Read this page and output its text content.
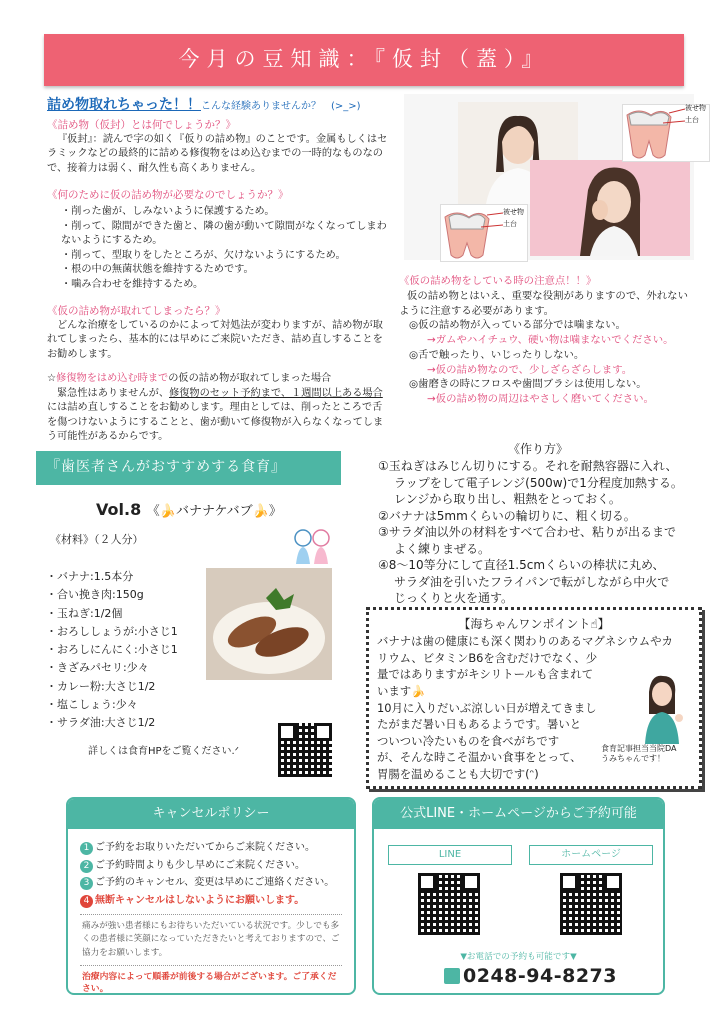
今月の豆知識：『仮封（蓋）』
詰め物取れちゃった！！こんな経験ありませんか？　(>_>)
《詰め物（仮封）とは何でしょうか？》
『仮封』：読んで字の如く『仮りの詰め物』のことです。金属もしくはセラミックなどの最終的に詰める修復物をはめ込むまでの一時的なものなので、接着力は弱く、耐久性も高くありません。
《何のために仮の詰め物が必要なのでしょうか？》
・削った歯が、しみないように保護するため。
・削って、隙間ができた歯と、隣の歯が動いて隙間がなくなってしまわないようにするため。
・削って、型取りをしたところが、欠けないようにするため。
・根の中の無菌状態を維持するためです。
・噛み合わせを維持するため。
《仮の詰め物が取れてしまったら？》
どんな治療をしているのかによって対処法が変わりますが、詰め物が取れてしまったら、基本的には早めにご来院いただき、詰め直しすることをお勧めします。
☆修復物をはめ込む時までの仮の詰め物が取れてしまった場合
緊急性はありませんが、修復物のセット予約まで、１週間以上ある場合には詰め直しすることをお勧めします。理由としては、削ったところで舌を傷つけないようにすることと、歯が動いて修復物が入らなくなってしまう可能性があるからです。
被せ物
土台
被せ物
土台
《仮の詰め物をしている時の注意点！！》
仮の詰め物とはいえ、重要な役割がありますので、外れないように注意する必要があります。
◎仮の詰め物が入っている部分では噛まない。
→ガムやハイチュウ、硬い物は噛まないでください。
◎舌で触ったり、いじったりしない。
→仮の詰め物なので、少しざらざらします。
◎歯磨きの時にフロスや歯間ブラシは使用しない。
→仮の詰め物の周辺はやさしく磨いてください。
『歯医者さんがおすすめする食育』
Vol.8 《🍌バナナケバブ🍌》
《材料》（２人分）
・バナナ:1.5本分
・合い挽き肉:150g
・玉ねぎ:1/2個
・おろししょうが:小さじ1
・おろしにんにく:小さじ1
・きざみパセリ:少々
・カレー粉:大さじ1/2
・塩こしょう:少々
・サラダ油:大さじ1/2
詳しくは食育HPをご覧ください.ᐟ
《作り方》
①玉ねぎはみじん切りにする。それを耐熱容器に入れ、
ラップをして電子レンジ(500w)で1分程度加熱する。
レンジから取り出し、粗熱をとっておく。
②バナナは5mmくらいの輪切りに、粗く切る。
③サラダ油以外の材料をすべて合わせ、粘りが出るまで
よく練りまぜる。
④8〜10等分にして直径1.5cmくらいの棒状に丸め、
サラダ油を引いたフライパンで転がしながら中火で
じっくりと火を通す。
【海ちゃんワンポイント☝】
バナナは歯の健康にも深く関わりのあるマグネシウムやカ
リウム、ビタミンB6を含むだけでなく、少
量ではありますがキシリトールも含まれて
います🍌
10月に入りだいぶ涼しい日が増えてきまし
たがまだ暑い日もあるようです。暑いと
ついつい冷たいものを食べがちです
が、そんな時こそ温かい食事をとって、
胃腸を温めることも大切です(ᵔ)
食育記事担当当院DA
うみちゃんです！
キャンセルポリシー
1 ご予約をお取りいただいてからご来院ください。
2 ご予約時間よりも少し早めにご来院ください。
3 ご予約のキャンセル、変更は早めにご連絡ください。
4 無断キャンセルはしないようにお願いします。
痛みが強い患者様にもお待ちいただいている状況です。少しでも多くの患者様に笑顔になっていただきたいと考えておりますので、ご協力をお願いします。
治療内容によって順番が前後する場合がございます。ご了承ください。
公式LINE・ホームページからご予約可能
LINE	ホームページ
▼お電話での予約も可能です▼
0248-94-8273
